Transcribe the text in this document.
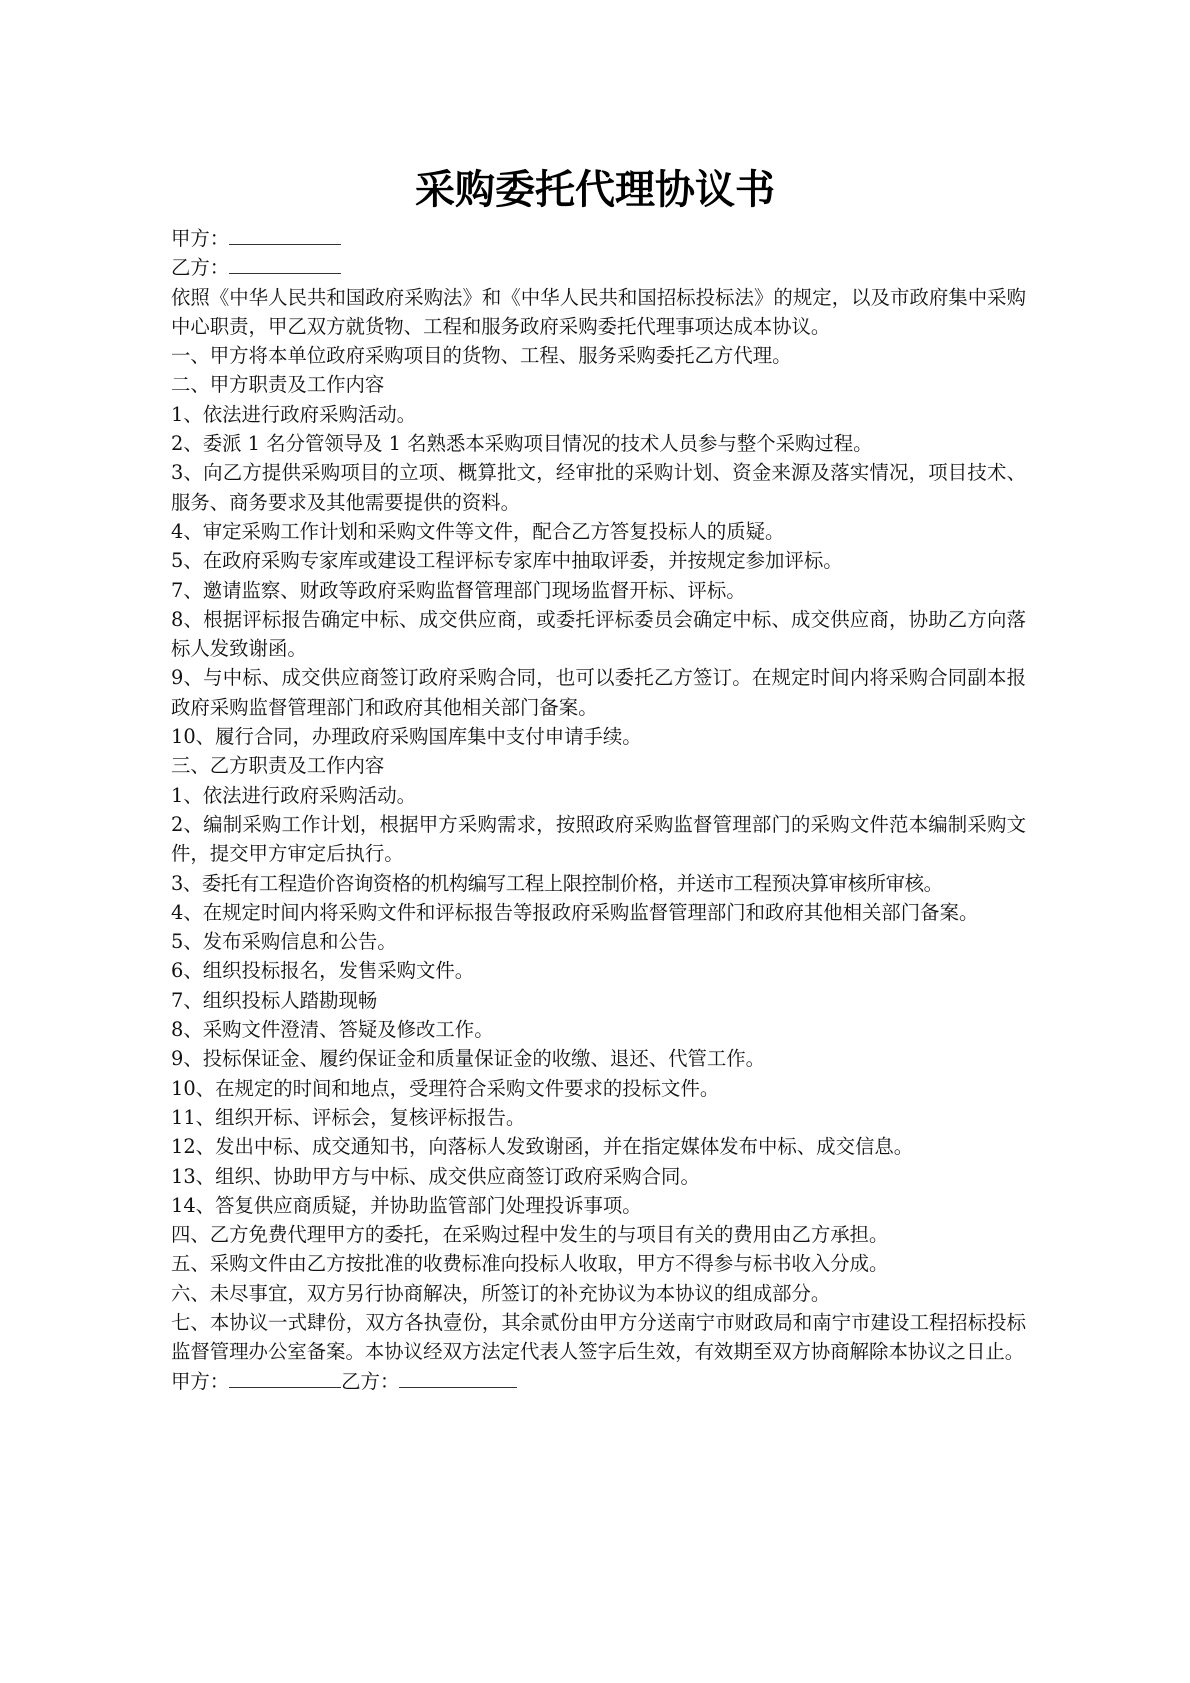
采购委托代理协议书
甲方：
乙方：
依照《中华人民共和国政府采购法》和《中华人民共和国招标投标法》的规定，以及市政府集中采购中心职责，甲乙双方就货物、工程和服务政府采购委托代理事项达成本协议。
一、甲方将本单位政府采购项目的货物、工程、服务采购委托乙方代理。
二、甲方职责及工作内容
1、依法进行政府采购活动。
2、委派 1 名分管领导及 1 名熟悉本采购项目情况的技术人员参与整个采购过程。
3、向乙方提供采购项目的立项、概算批文，经审批的采购计划、资金来源及落实情况，项目技术、服务、商务要求及其他需要提供的资料。
4、审定采购工作计划和采购文件等文件，配合乙方答复投标人的质疑。
5、在政府采购专家库或建设工程评标专家库中抽取评委，并按规定参加评标。
7、邀请监察、财政等政府采购监督管理部门现场监督开标、评标。
8、根据评标报告确定中标、成交供应商，或委托评标委员会确定中标、成交供应商，协助乙方向落标人发致谢函。
9、与中标、成交供应商签订政府采购合同，也可以委托乙方签订。在规定时间内将采购合同副本报政府采购监督管理部门和政府其他相关部门备案。
10、履行合同，办理政府采购国库集中支付申请手续。
三、乙方职责及工作内容
1、依法进行政府采购活动。
2、编制采购工作计划，根据甲方采购需求，按照政府采购监督管理部门的采购文件范本编制采购文件，提交甲方审定后执行。
3、委托有工程造价咨询资格的机构编写工程上限控制价格，并送市工程预决算审核所审核。
4、在规定时间内将采购文件和评标报告等报政府采购监督管理部门和政府其他相关部门备案。
5、发布采购信息和公告。
6、组织投标报名，发售采购文件。
7、组织投标人踏勘现畅
8、采购文件澄清、答疑及修改工作。
9、投标保证金、履约保证金和质量保证金的收缴、退还、代管工作。
10、在规定的时间和地点，受理符合采购文件要求的投标文件。
11、组织开标、评标会，复核评标报告。
12、发出中标、成交通知书，向落标人发致谢函，并在指定媒体发布中标、成交信息。
13、组织、协助甲方与中标、成交供应商签订政府采购合同。
14、答复供应商质疑，并协助监管部门处理投诉事项。
四、乙方免费代理甲方的委托，在采购过程中发生的与项目有关的费用由乙方承担。
五、采购文件由乙方按批准的收费标准向投标人收取，甲方不得参与标书收入分成。
六、未尽事宜，双方另行协商解决，所签订的补充协议为本协议的组成部分。
七、本协议一式肆份，双方各执壹份，其余贰份由甲方分送南宁市财政局和南宁市建设工程招标投标监督管理办公室备案。本协议经双方法定代表人签字后生效，有效期至双方协商解除本协议之日止。
甲方：	乙方：
